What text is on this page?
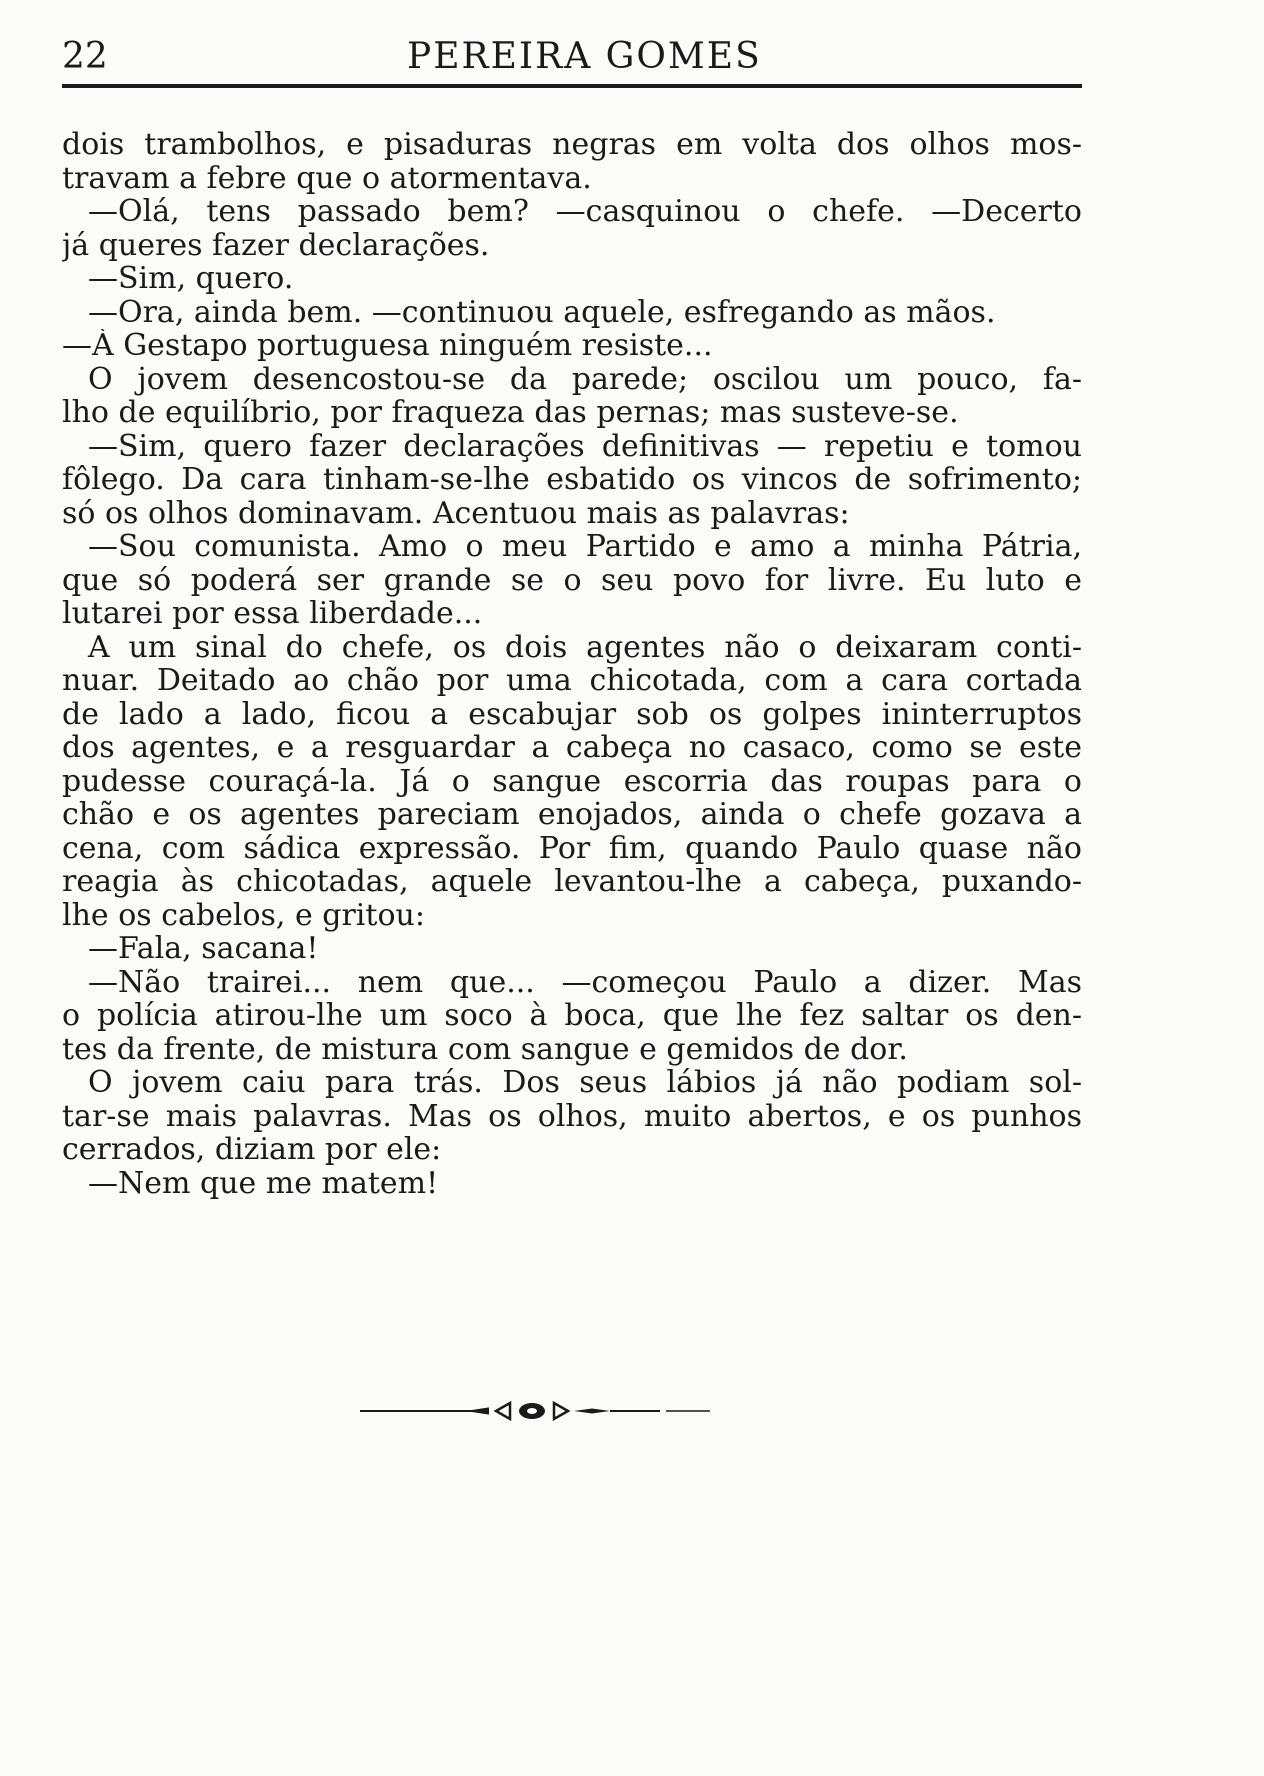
22	PEREIRA GOMES
dois trambolhos, e pisaduras negras em volta dos olhos mos-
travam a febre que o atormentava.
—Olá, tens passado bem? —casquinou o chefe. —Decerto
já queres fazer declarações.
—Sim, quero.
—Ora, ainda bem. —continuou aquele, esfregando as mãos.
—À Gestapo portuguesa ninguém resiste...
O jovem desencostou-se da parede; oscilou um pouco, fa-
lho de equilíbrio, por fraqueza das pernas; mas susteve-se.
—Sim, quero fazer declarações definitivas — repetiu e tomou
fôlego. Da cara tinham-se-lhe esbatido os vincos de sofrimento;
só os olhos dominavam. Acentuou mais as palavras:
—Sou comunista. Amo o meu Partido e amo a minha Pátria,
que só poderá ser grande se o seu povo for livre. Eu luto e
lutarei por essa liberdade...
A um sinal do chefe, os dois agentes não o deixaram conti-
nuar. Deitado ao chão por uma chicotada, com a cara cortada
de lado a lado, ficou a escabujar sob os golpes ininterruptos
dos agentes, e a resguardar a cabeça no casaco, como se este
pudesse couraçá-la. Já o sangue escorria das roupas para o
chão e os agentes pareciam enojados, ainda o chefe gozava a
cena, com sádica expressão. Por fim, quando Paulo quase não
reagia às chicotadas, aquele levantou-lhe a cabeça, puxando-
lhe os cabelos, e gritou:
—Fala, sacana!
—Não trairei... nem que... —começou Paulo a dizer. Mas
o polícia atirou-lhe um soco à boca, que lhe fez saltar os den-
tes da frente, de mistura com sangue e gemidos de dor.
O jovem caiu para trás. Dos seus lábios já não podiam sol-
tar-se mais palavras. Mas os olhos, muito abertos, e os punhos
cerrados, diziam por ele:
—Nem que me matem!
